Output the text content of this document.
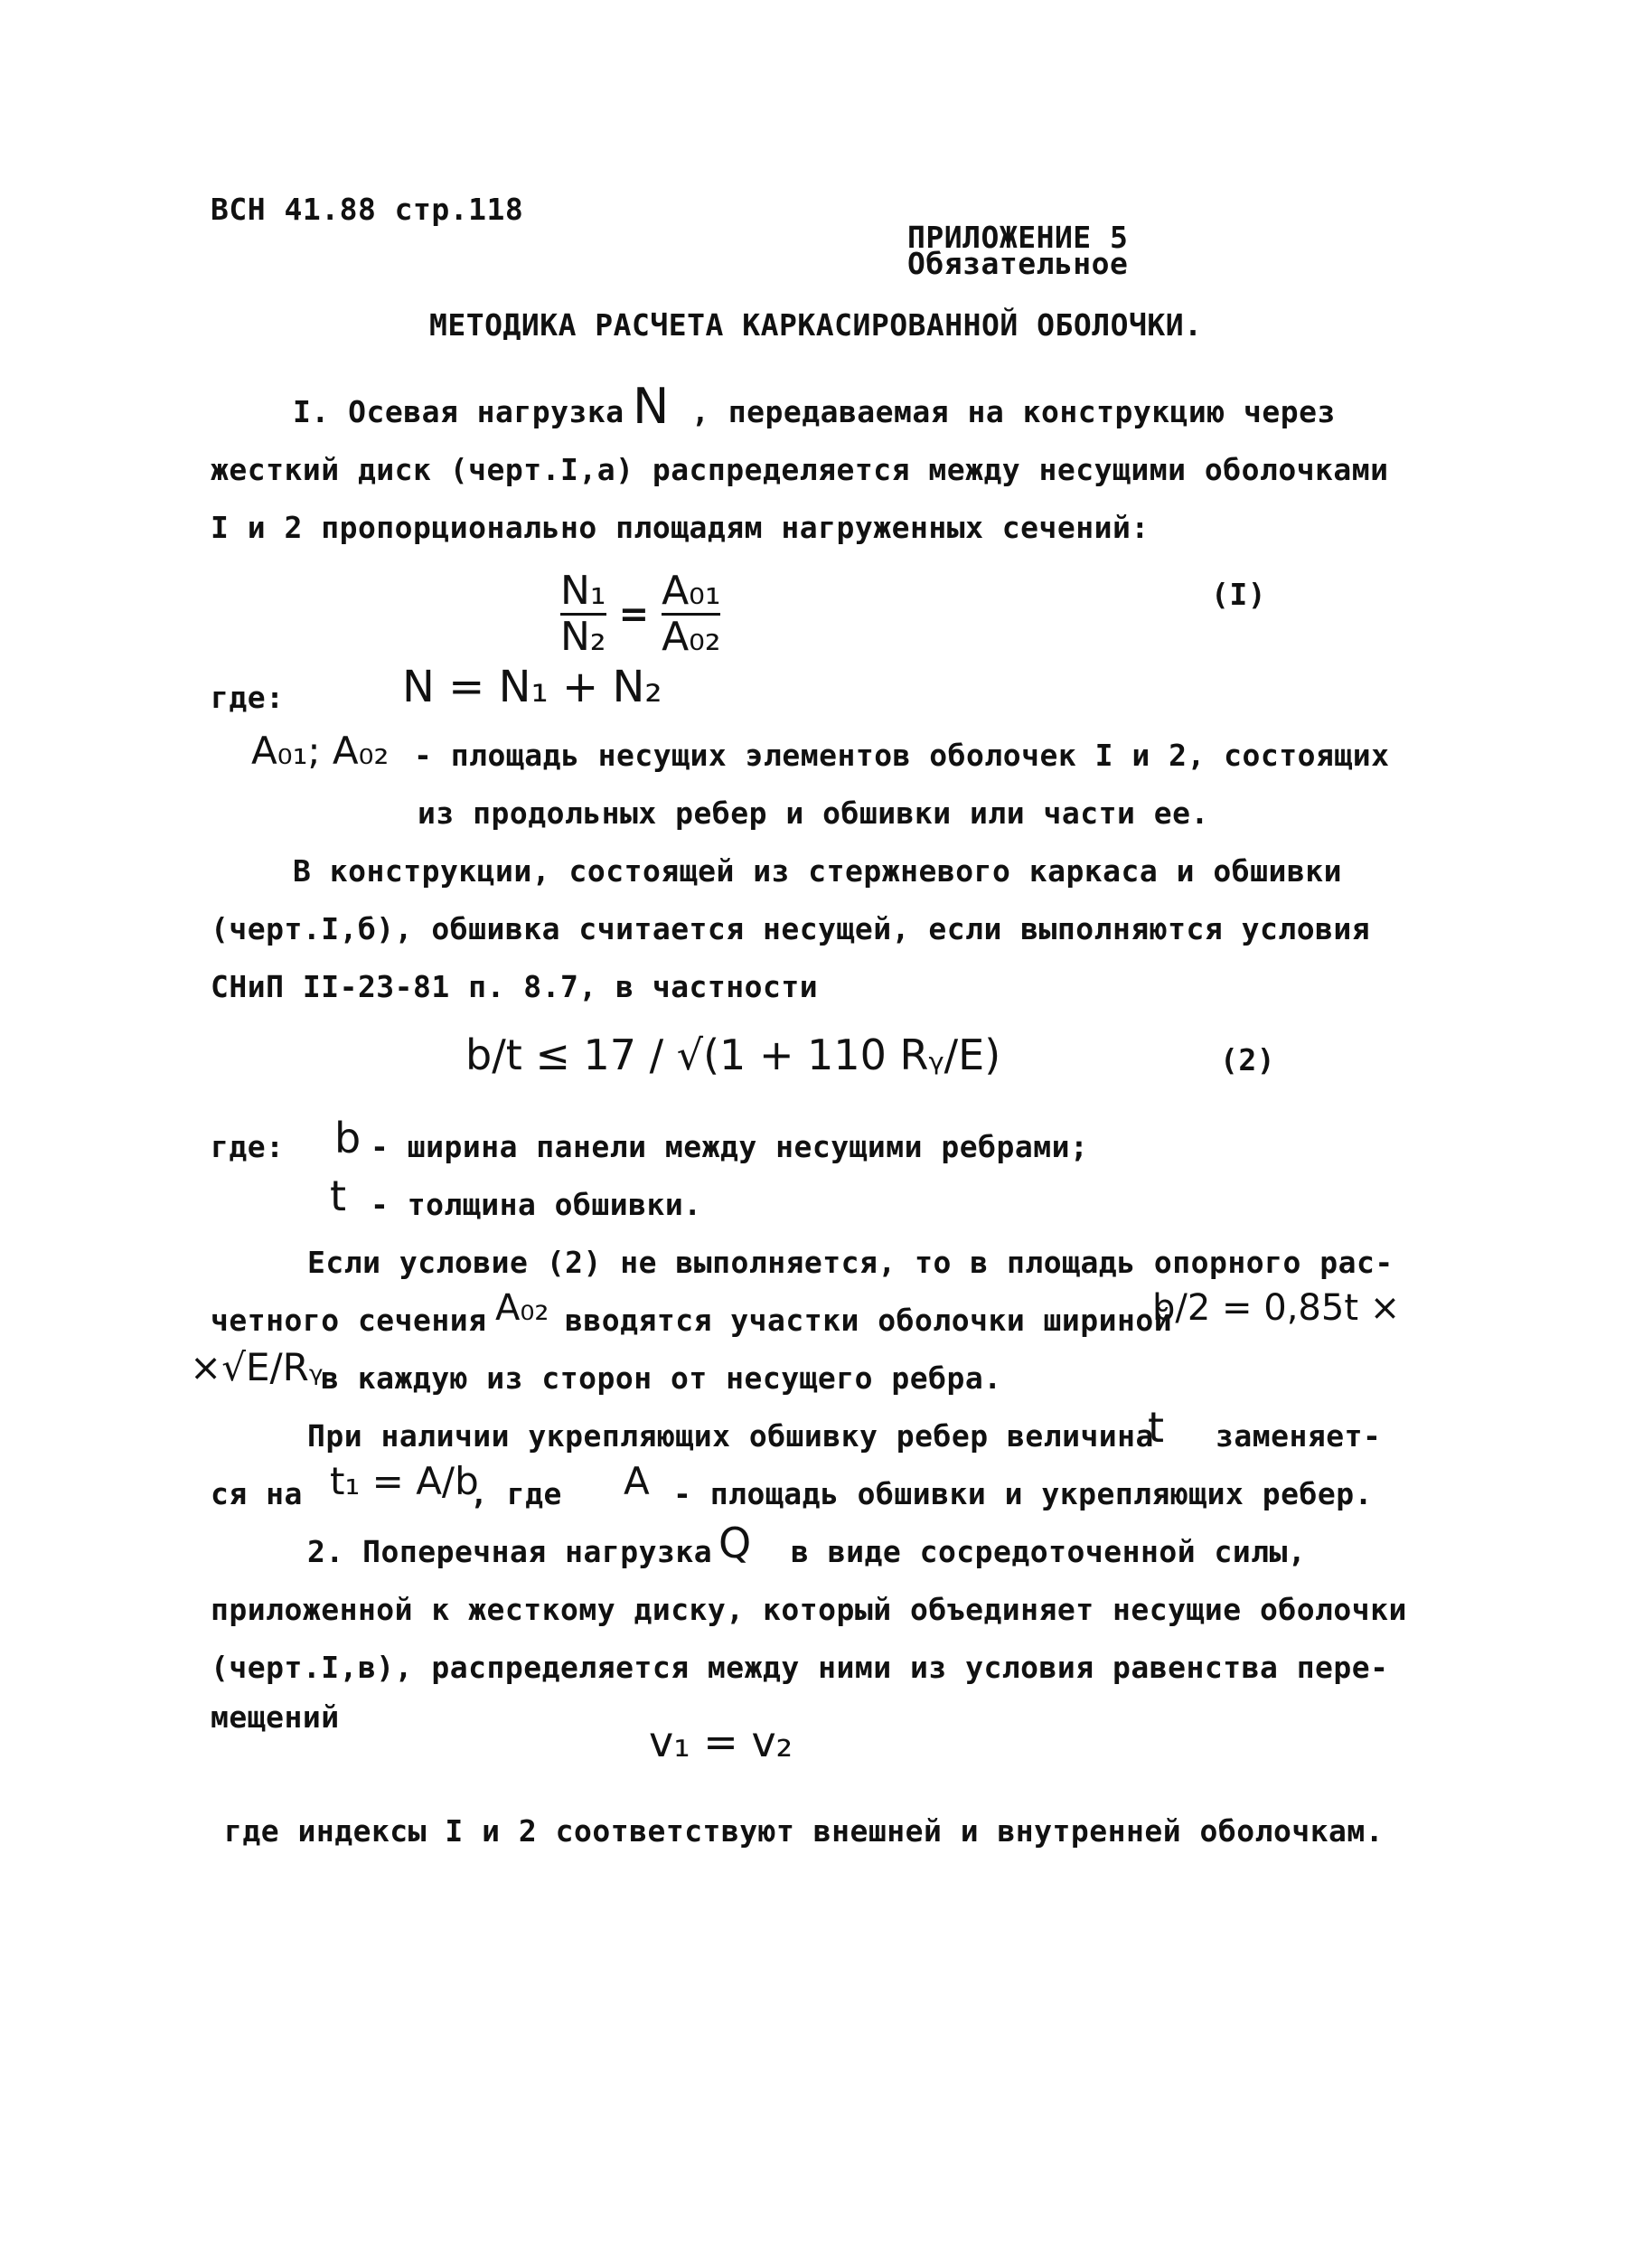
ВСН 41.88 стр.118
ПРИЛОЖЕНИЕ 5
Обязательное
МЕТОДИКА РАСЧЕТА КАРКАСИРОВАННОЙ ОБОЛОЧКИ.
I. Осевая нагрузка N , передаваемая на конструкцию через
жесткий диск (черт.I,а) распределяется между несущими оболочками
I и 2 пропорционально площадям нагруженных сечений:
$\frac{\text{N₁}}{\text{N₂}} = \frac{\text{A₀₁}}{\text{A₀₂}}$	(I)
где:	N = N₁ + N₂
A₀₁; A₀₂ - площадь несущих элементов оболочек I и 2, состоящих
из продольных ребер и обшивки или части ее.
В конструкции, состоящей из стержневого каркаса и обшивки
(черт.I,б), обшивка считается несущей, если выполняются условия
СНиП II-23-81 п. 8.7, в частности
b/t ≤ 17 / √(1 + 110 Rᵧ/E)	(2)
где: b - ширина панели между несущими ребрами;
t - толщина обшивки.
Если условие (2) не выполняется, то в площадь опорного рас-
четного сечения A₀₂ вводятся участки оболочки шириной
b/2 = 0,85t ×
×√E/Rᵧ
в каждую из сторон от несущего ребра.
При наличии укрепляющих обшивку ребер величина
t заменяет-
ся на t₁ = A/b
, где A - площадь обшивки и укрепляющих ребер.
2. Поперечная нагрузка Q в виде сосредоточенной силы,
приложенной к жесткому диску, который объединяет несущие оболочки
(черт.I,в), распределяется между ними из условия равенства пере-
мещений
v₁ = v₂
где индексы I и 2 соответствуют внешней и внутренней оболочкам.
